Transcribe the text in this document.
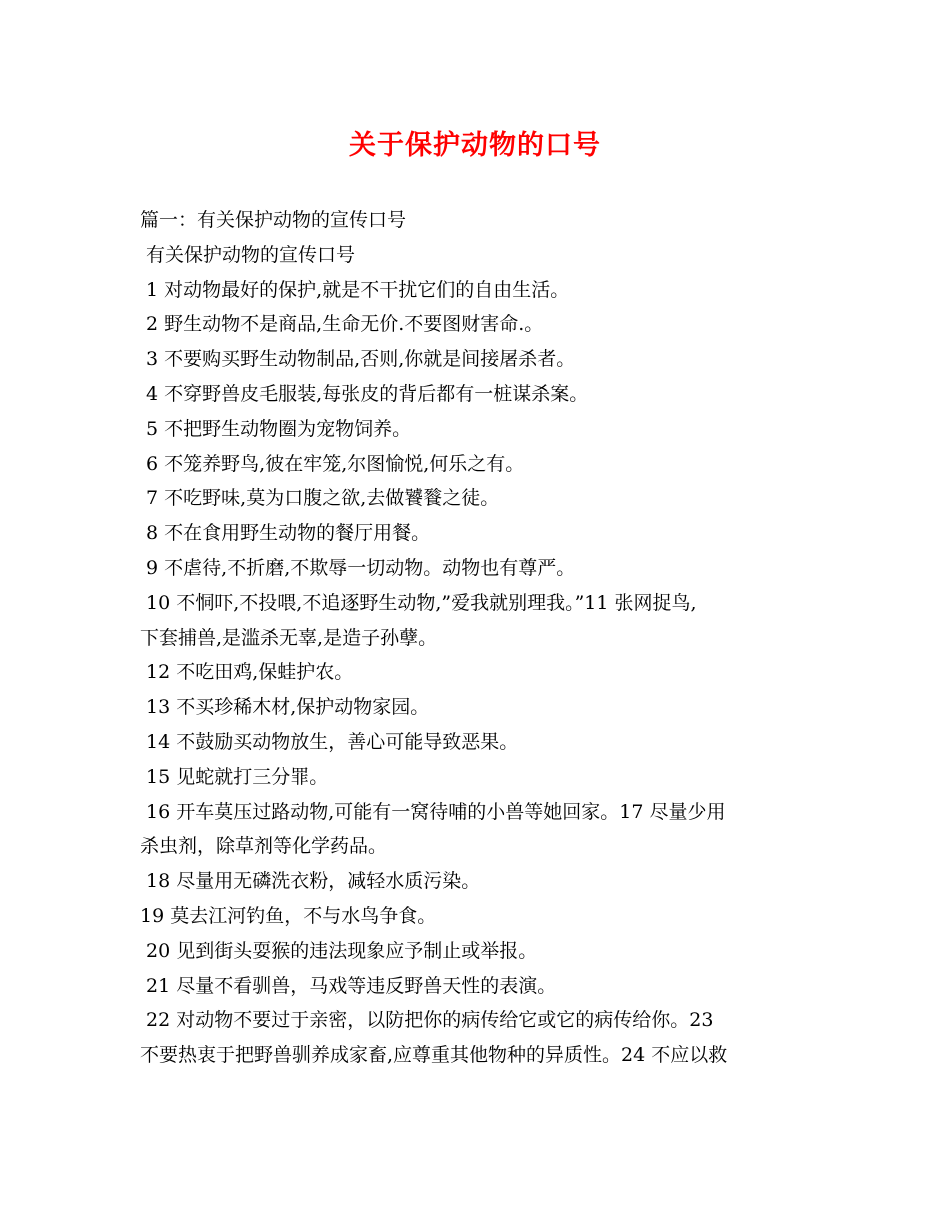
关于保护动物的口号
篇一：有关保护动物的宣传口号
有关保护动物的宣传口号
1 对动物最好的保护,就是不干扰它们的自由生活。
2 野生动物不是商品,生命无价.不要图财害命.。
3 不要购买野生动物制品,否则,你就是间接屠杀者。
4 不穿野兽皮毛服装,每张皮的背后都有一桩谋杀案。
5 不把野生动物圈为宠物饲养。
6 不笼养野鸟,彼在牢笼,尔图愉悦,何乐之有。
7 不吃野味,莫为口腹之欲,去做饕餮之徒。
8 不在食用野生动物的餐厅用餐。
9 不虐待,不折磨,不欺辱一切动物。动物也有尊严。
10 不恫吓,不投喂,不追逐野生动物,”爱我就别理我。”11 张网捉鸟,
下套捕兽,是滥杀无辜,是造子孙孽。
12 不吃田鸡,保蛙护农。
13 不买珍稀木材,保护动物家园。
14 不鼓励买动物放生，善心可能导致恶果。
15 见蛇就打三分罪。
16 开车莫压过路动物,可能有一窝待哺的小兽等她回家。17 尽量少用
杀虫剂，除草剂等化学药品。
18 尽量用无磷洗衣粉，减轻水质污染。
19 莫去江河钓鱼，不与水鸟争食。
20 见到街头耍猴的违法现象应予制止或举报。
21 尽量不看驯兽，马戏等违反野兽天性的表演。
22 对动物不要过于亲密，以防把你的病传给它或它的病传给你。23
不要热衷于把野兽驯养成家畜,应尊重其他物种的异质性。24 不应以救
